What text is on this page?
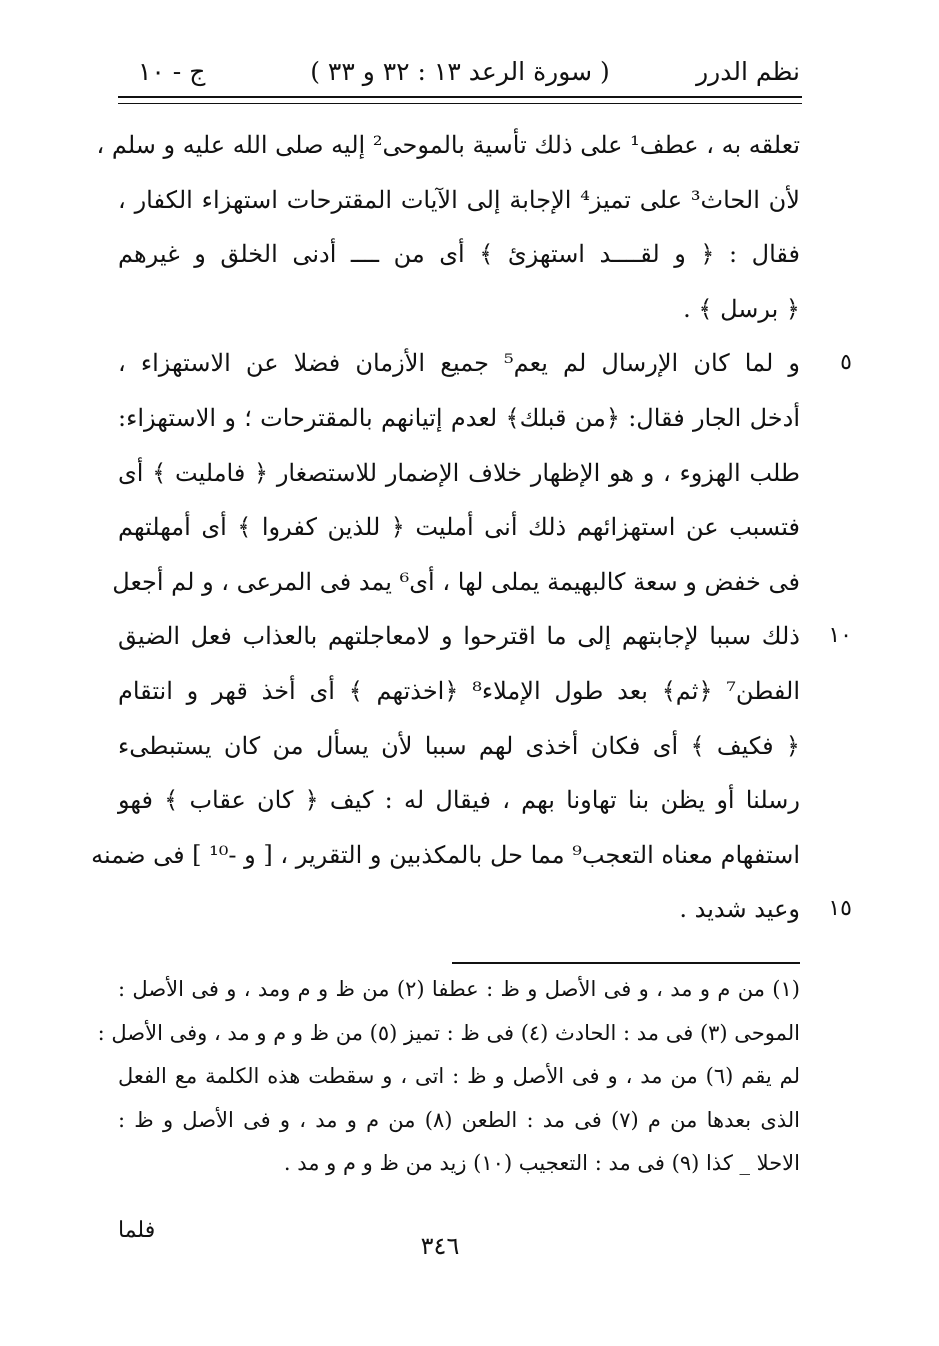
نظم الدرر
( سورة الرعد ١٣ : ٣٢ و ٣٣ )
ج - ١٠
تعلقه به ، عطف¹ على ذلك تأسية بالموحى² إليه صلى الله عليه و سلم ،
لأن الحاث³ على تميز⁴ الإجابة إلى الآيات المقترحات استهزاء الكفار ،
فقال : ﴿ و لقــــد استهزئ ﴾ أى من ــــ أدنى الخلق و غيرهم
﴿ برسل ﴾ .
و لما كان الإرسال لم يعم⁵ جميع الأزمان فضلا عن الاستهزاء ، ٥
أدخل الجار فقال: ﴿من قبلك﴾ لعدم إتيانهم بالمقترحات ؛ و الاستهزاء:
طلب الهزوء ، و هو الإظهار خلاف الإضمار للاستصغار ﴿ فامليت ﴾ أى
فتسبب عن استهزائهم ذلك أنى أمليت ﴿ للذين كفروا ﴾ أى أمهلتهم
فى خفض و سعة كالبهيمة يملى لها ، أى⁶ يمد فى المرعى ، و لم أجعل
ذلك سببا لإجابتهم إلى ما اقترحوا و لامعاجلتهم بالعذاب فعل الضيق ١٠
الفطن⁷ ﴿ثم﴾ بعد طول الإملاء⁸ ﴿اخذتهم ﴾ أى أخذ قهر و انتقام
﴿ فكيف ﴾ أى فكان أخذى لهم سببا لأن يسأل من كان يستبطىء
رسلنا أو يظن بنا تهاونا بهم ، فيقال له : كيف ﴿ كان عقاب ﴾ فهو
استفهام معناه التعجب⁹ مما حل بالمكذبين و التقرير ، [ و -¹⁰ ] فى ضمنه
وعيد شديد . ١٥
(١) من م و مد ، و فى الأصل و ظ : عطفا (٢) من ظ و م ومد ، و فى الأصل :
الموحى (٣) فى مد : الحادث (٤) فى ظ : تميز (٥) من ظ و م و مد ، وفى الأصل :
لم يقم (٦) من مد ، و فى الأصل و ظ : اتى ، و سقطت هذه الكلمة مع الفعل
الذى بعدها من م (٧) فى مد : الطعن (٨) من م و مد ، و فى الأصل و ظ :
الاحلا _ كذا (٩) فى مد : التعجيب (١٠) زيد من ظ و م و مد .
فلما
٣٤٦
